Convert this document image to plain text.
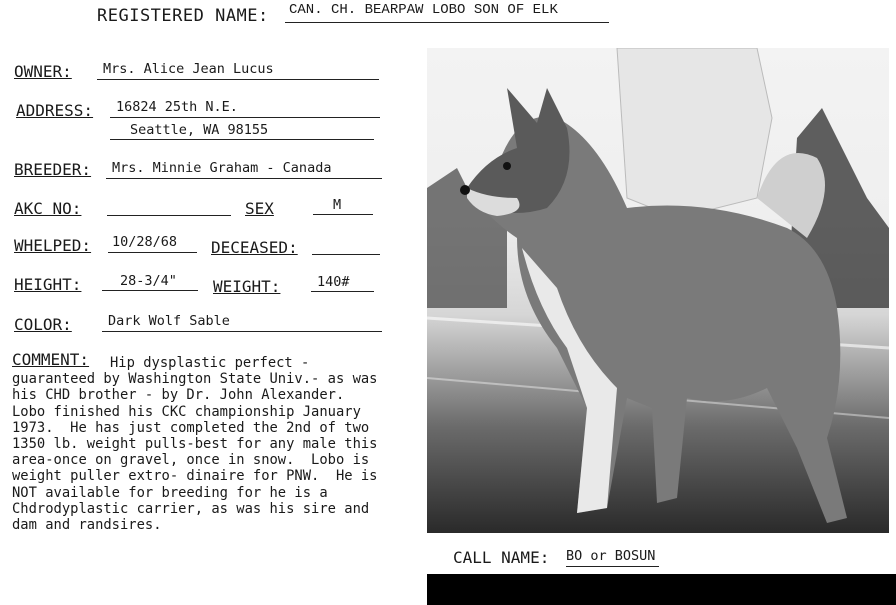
REGISTERED NAME: CAN. CH. BEARPAW LOBO SON OF ELK
OWNER:	Mrs. Alice Jean Lucus
ADDRESS:	16824 25th N.E.
Seattle, WA 98155
BREEDER:	Mrs. Minnie Graham - Canada
AKC NO:	SEX	M
WHELPED: 10/28/68	DECEASED:
HEIGHT:	28-3/4"	WEIGHT:	140#
COLOR:	Dark Wolf Sable
COMMENT:	Hip dysplastic perfect - guaranteed by Washington State Univ.- as was his CHD brother - by Dr. John Alexander.  Lobo finished his CKC championship January 1973.  He has just completed the 2nd of two 1350 lb. weight pulls-best for any male this area-once on gravel, once in snow.  Lobo is weight puller extro- dinaire for PNW.  He is NOT available for breeding for he is a Chdrodyplastic carrier, as was his sire and dam and randsires.
CALL NAME: BO or BOSUN
